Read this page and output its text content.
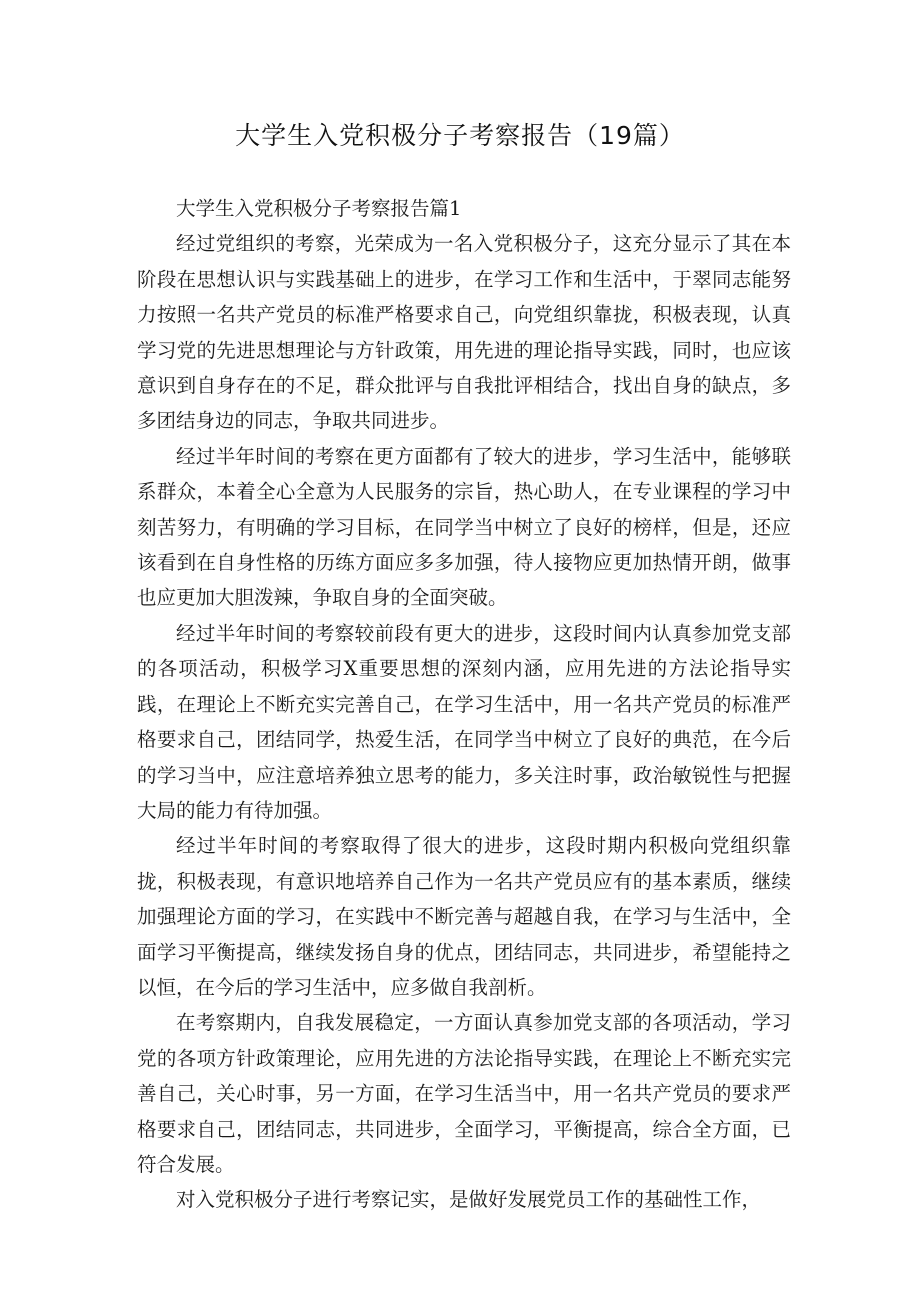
大学生入党积极分子考察报告（19篇）

大学生入党积极分子考察报告篇1

经过党组织的考察，光荣成为一名入党积极分子，这充分显示了其在本阶段在思想认识与实践基础上的进步，在学习工作和生活中，于翠同志能努力按照一名共产党员的标准严格要求自己，向党组织靠拢，积极表现，认真学习党的先进思想理论与方针政策，用先进的理论指导实践，同时，也应该意识到自身存在的不足，群众批评与自我批评相结合，找出自身的缺点，多多团结身边的同志，争取共同进步。

经过半年时间的考察在更方面都有了较大的进步，学习生活中，能够联系群众，本着全心全意为人民服务的宗旨，热心助人，在专业课程的学习中刻苦努力，有明确的学习目标，在同学当中树立了良好的榜样，但是，还应该看到在自身性格的历练方面应多多加强，待人接物应更加热情开朗，做事也应更加大胆泼辣，争取自身的全面突破。

经过半年时间的考察较前段有更大的进步，这段时间内认真参加党支部的各项活动，积极学习X重要思想的深刻内涵，应用先进的方法论指导实践，在理论上不断充实完善自己，在学习生活中，用一名共产党员的标准严格要求自己，团结同学，热爱生活，在同学当中树立了良好的典范，在今后的学习当中，应注意培养独立思考的能力，多关注时事，政治敏锐性与把握大局的能力有待加强。

经过半年时间的考察取得了很大的进步，这段时期内积极向党组织靠拢，积极表现，有意识地培养自己作为一名共产党员应有的基本素质，继续加强理论方面的学习，在实践中不断完善与超越自我，在学习与生活中，全面学习平衡提高，继续发扬自身的优点，团结同志，共同进步，希望能持之以恒，在今后的学习生活中，应多做自我剖析。

在考察期内，自我发展稳定，一方面认真参加党支部的各项活动，学习党的各项方针政策理论，应用先进的方法论指导实践，在理论上不断充实完善自己，关心时事，另一方面，在学习生活当中，用一名共产党员的要求严格要求自己，团结同志，共同进步，全面学习，平衡提高，综合全方面，已符合发展。

对入党积极分子进行考察记实，是做好发展党员工作的基础性工作，
